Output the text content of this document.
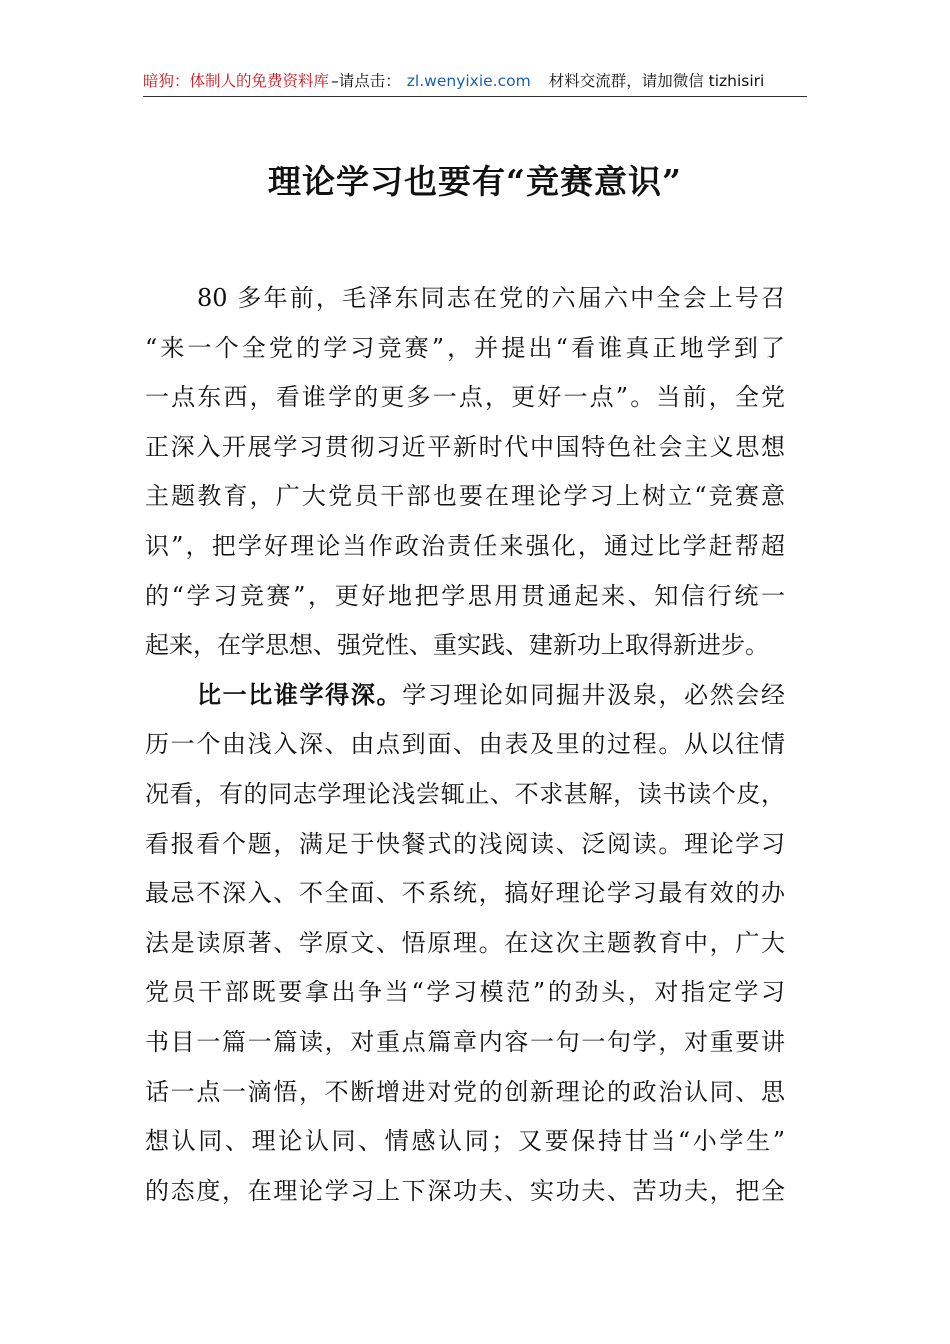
暗狗：体制人的免费资料库 –请点击： zl.wenyixie.com 材料交流群，请加微信 tizhisiri
理论学习也要有“竞赛意识”
80 多年前，毛泽东同志在党的六届六中全会上号召
“来一个全党的学习竞赛”，并提出“看谁真正地学到了
一点东西，看谁学的更多一点，更好一点”。当前，全党
正深入开展学习贯彻习近平新时代中国特色社会主义思想
主题教育，广大党员干部也要在理论学习上树立“竞赛意
识”，把学好理论当作政治责任来强化，通过比学赶帮超
的“学习竞赛”，更好地把学思用贯通起来、知信行统一
起来，在学思想、强党性、重实践、建新功上取得新进步。
比一比谁学得深。学习理论如同掘井汲泉，必然会经
历一个由浅入深、由点到面、由表及里的过程。从以往情
况看，有的同志学理论浅尝辄止、不求甚解，读书读个皮，
看报看个题，满足于快餐式的浅阅读、泛阅读。理论学习
最忌不深入、不全面、不系统，搞好理论学习最有效的办
法是读原著、学原文、悟原理。在这次主题教育中，广大
党员干部既要拿出争当“学习模范”的劲头，对指定学习
书目一篇一篇读，对重点篇章内容一句一句学，对重要讲
话一点一滴悟，不断增进对党的创新理论的政治认同、思
想认同、理论认同、情感认同；又要保持甘当“小学生”
的态度，在理论学习上下深功夫、实功夫、苦功夫，把全
